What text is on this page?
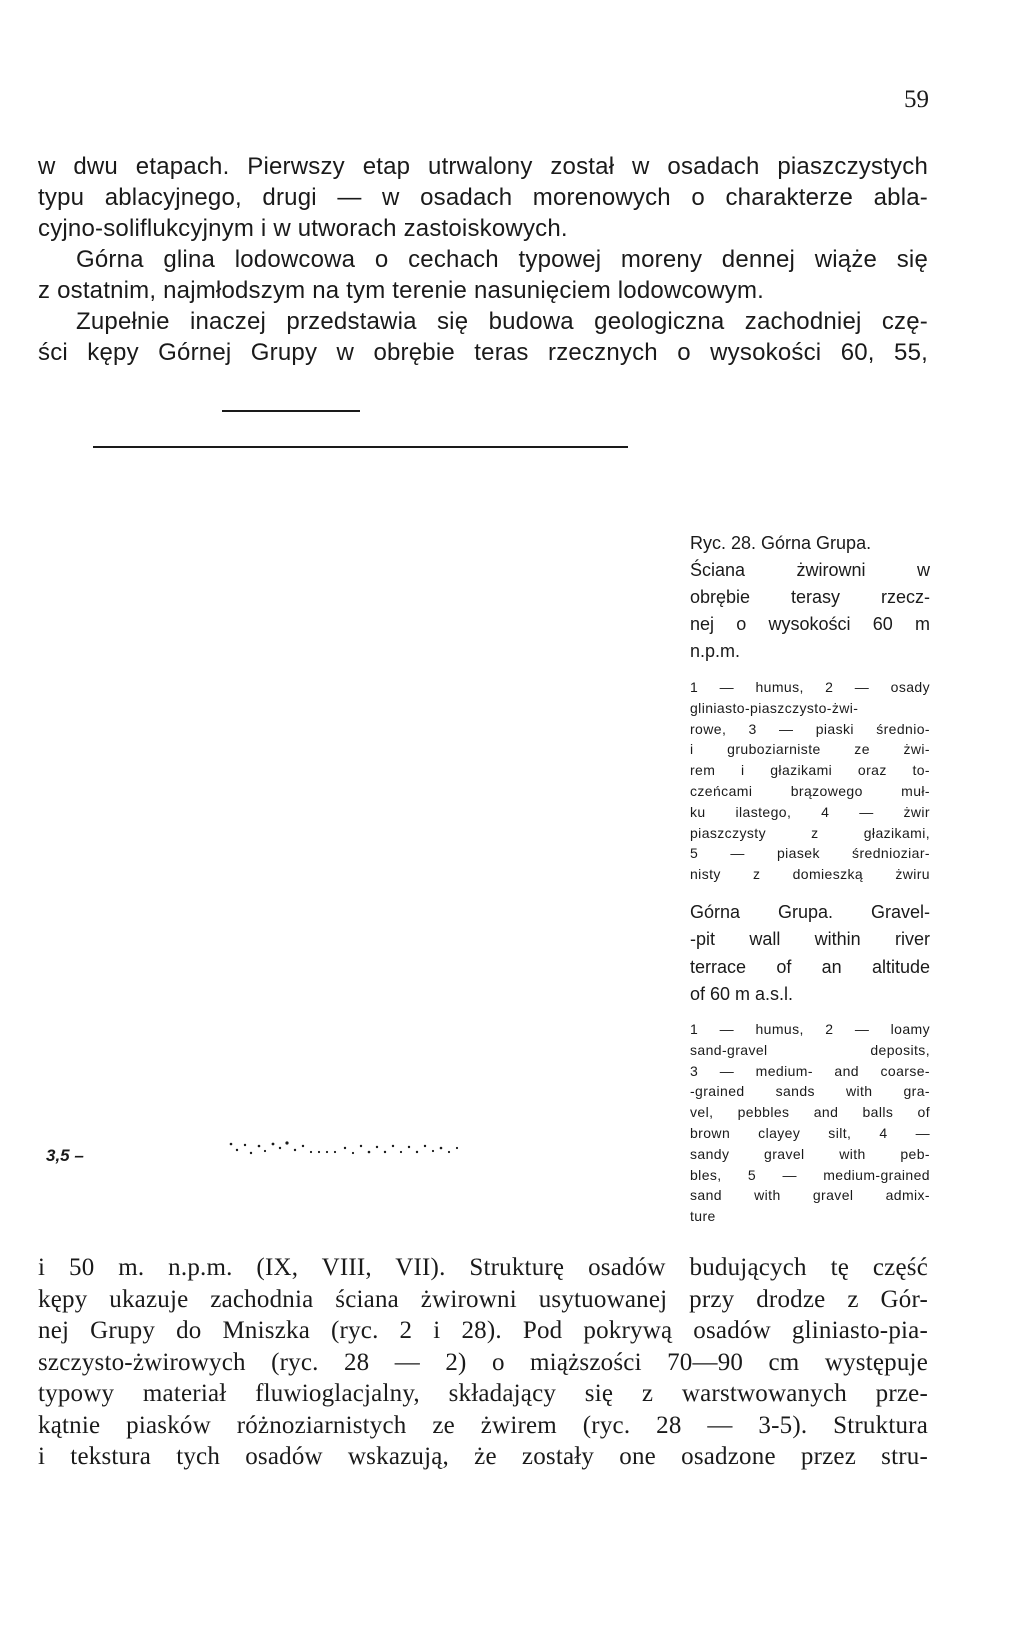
59
w dwu etapach. Pierwszy etap utrwalony został w osadach piaszczystych
typu ablacyjnego, drugi — w osadach morenowych o charakterze abla-
cyjno-soliflukcyjnym i w utworach zastoiskowych.
Górna glina lodowcowa o cechach typowej moreny dennej wiąże się
z ostatnim, najmłodszym na tym terenie nasunięciem lodowcowym.
Zupełnie inaczej przedstawia się budowa geologiczna zachodniej czę-
ści kępy Górnej Grupy w obrębie teras rzecznych o wysokości 60, 55,
Ryc. 28. Górna Grupa.
Ściana żwirowni w
obrębie terasy rzecz-
nej o wysokości 60 m
n.p.m.
1 — humus, 2 — osady
gliniasto-piaszczysto-żwi-
rowe, 3 — piaski średnio-
i gruboziarniste ze żwi-
rem i głazikami oraz to-
czeńcami brązowego muł-
ku ilastego, 4 — żwir
piaszczysty z głazikami,
5 — piasek średnioziar-
nisty z domieszką żwiru
Górna Grupa. Gravel-
-pit wall within river
terrace of an altitude
of 60 m a.s.l.
1 — humus, 2 — loamy
sand-gravel deposits,
3 — medium- and coarse-
-grained sands with gra-
vel, pebbles and balls of
brown clayey silt, 4 —
sandy gravel with peb-
bles, 5 — medium-grained
sand with gravel admix-
ture
3,5 –
i 50 m. n.p.m. (IX, VIII, VII). Strukturę osadów budujących tę część
kępy ukazuje zachodnia ściana żwirowni usytuowanej przy drodze z Gór-
nej Grupy do Mniszka (ryc. 2 i 28). Pod pokrywą osadów gliniasto-pia-
szczysto-żwirowych (ryc. 28 — 2) o miąższości 70—90 cm występuje
typowy materiał fluwioglacjalny, składający się z warstwowanych prze-
kątnie piasków różnoziarnistych ze żwirem (ryc. 28 — 3-5). Struktura
i tekstura tych osadów wskazują, że zostały one osadzone przez stru-
